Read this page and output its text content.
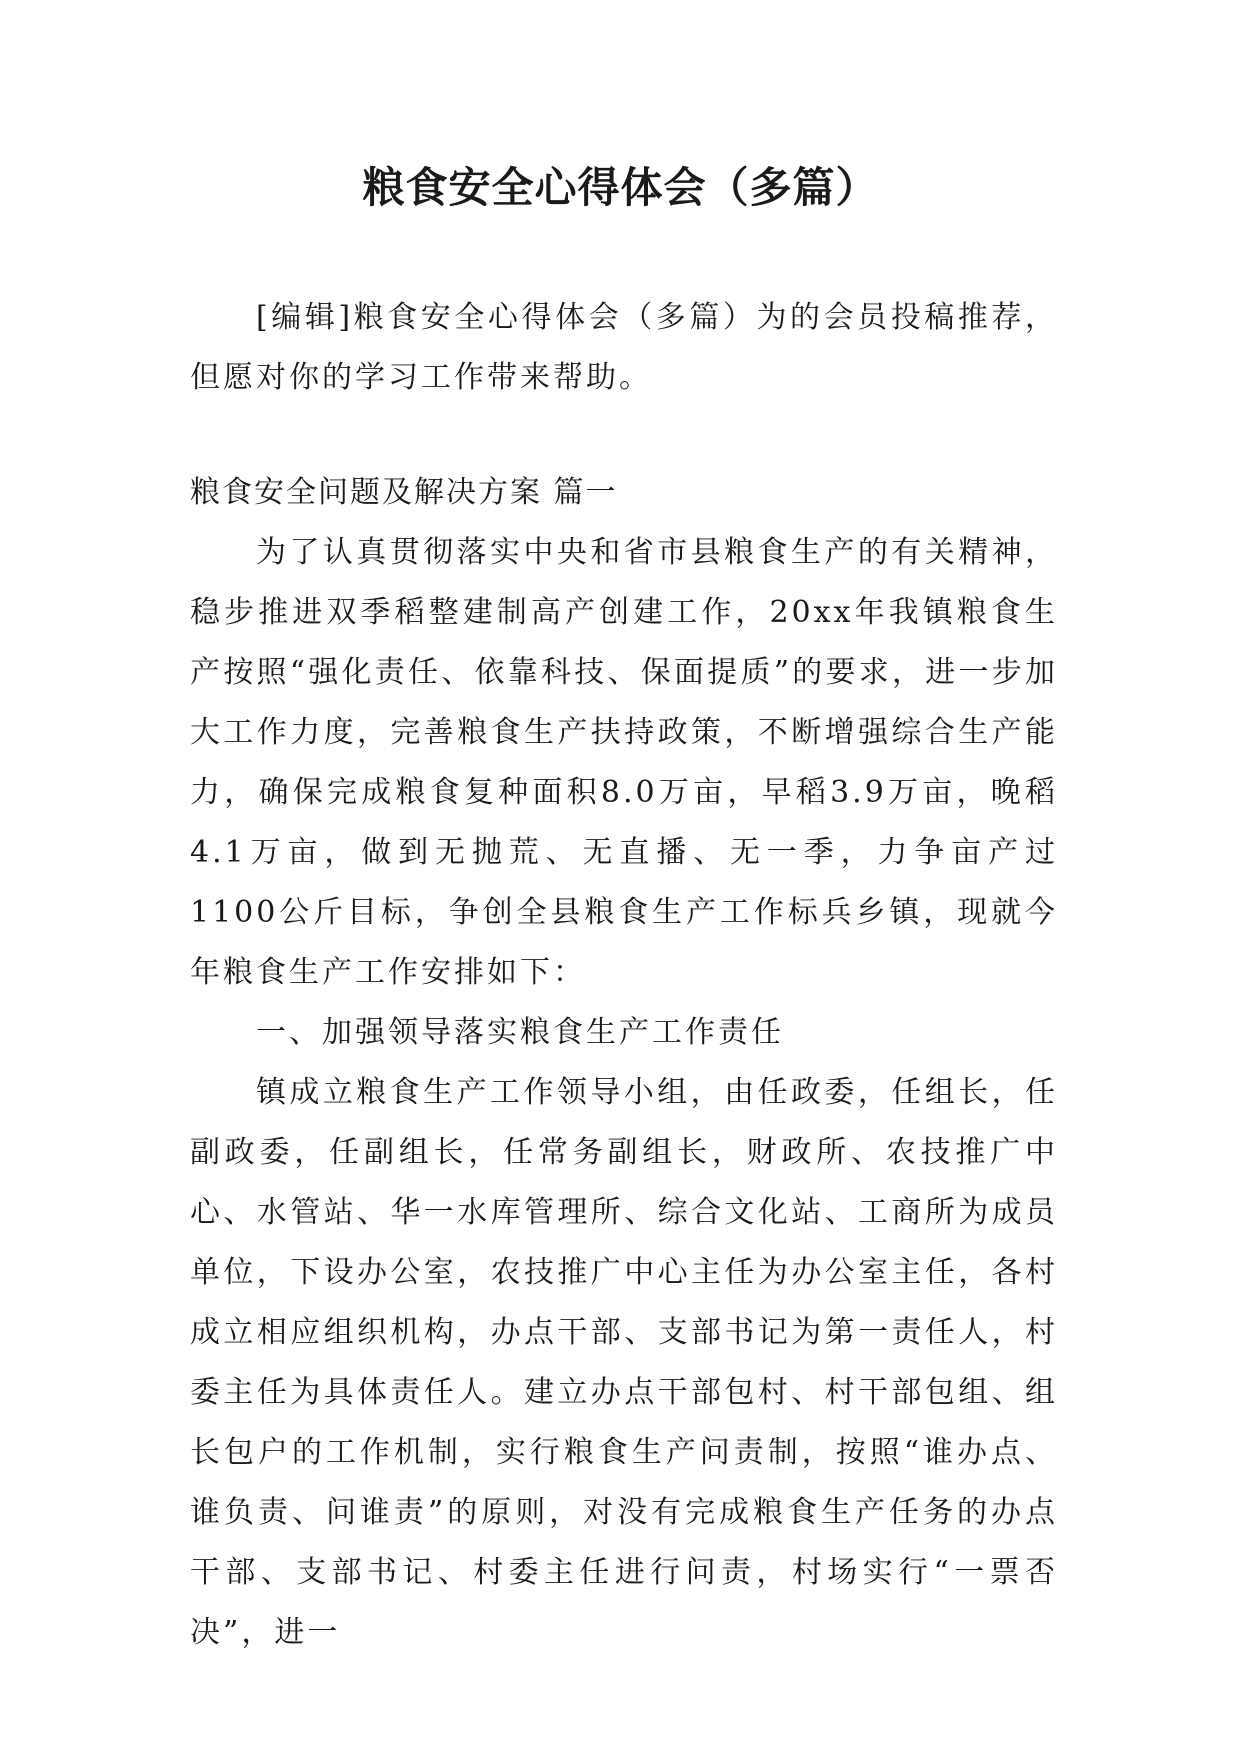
粮食安全心得体会（多篇）

[编辑]粮食安全心得体会（多篇）为的会员投稿推荐，但愿对你的学习工作带来帮助。

粮食安全问题及解决方案 篇一

为了认真贯彻落实中央和省市县粮食生产的有关精神，稳步推进双季稻整建制高产创建工作，20xx年我镇粮食生产按照“强化责任、依靠科技、保面提质”的要求，进一步加大工作力度，完善粮食生产扶持政策，不断增强综合生产能力，确保完成粮食复种面积8.0万亩，早稻3.9万亩，晚稻4.1万亩，做到无抛荒、无直播、无一季，力争亩产过1100公斤目标，争创全县粮食生产工作标兵乡镇，现就今年粮食生产工作安排如下：

一、加强领导落实粮食生产工作责任

镇成立粮食生产工作领导小组，由任政委，任组长，任副政委，任副组长，任常务副组长，财政所、农技推广中心、水管站、华一水库管理所、综合文化站、工商所为成员单位，下设办公室，农技推广中心主任为办公室主任，各村成立相应组织机构，办点干部、支部书记为第一责任人，村委主任为具体责任人。建立办点干部包村、村干部包组、组长包户的工作机制，实行粮食生产问责制，按照“谁办点、谁负责、问谁责”的原则，对没有完成粮食生产任务的办点干部、支部书记、村委主任进行问责，村场实行“一票否决”，进一
